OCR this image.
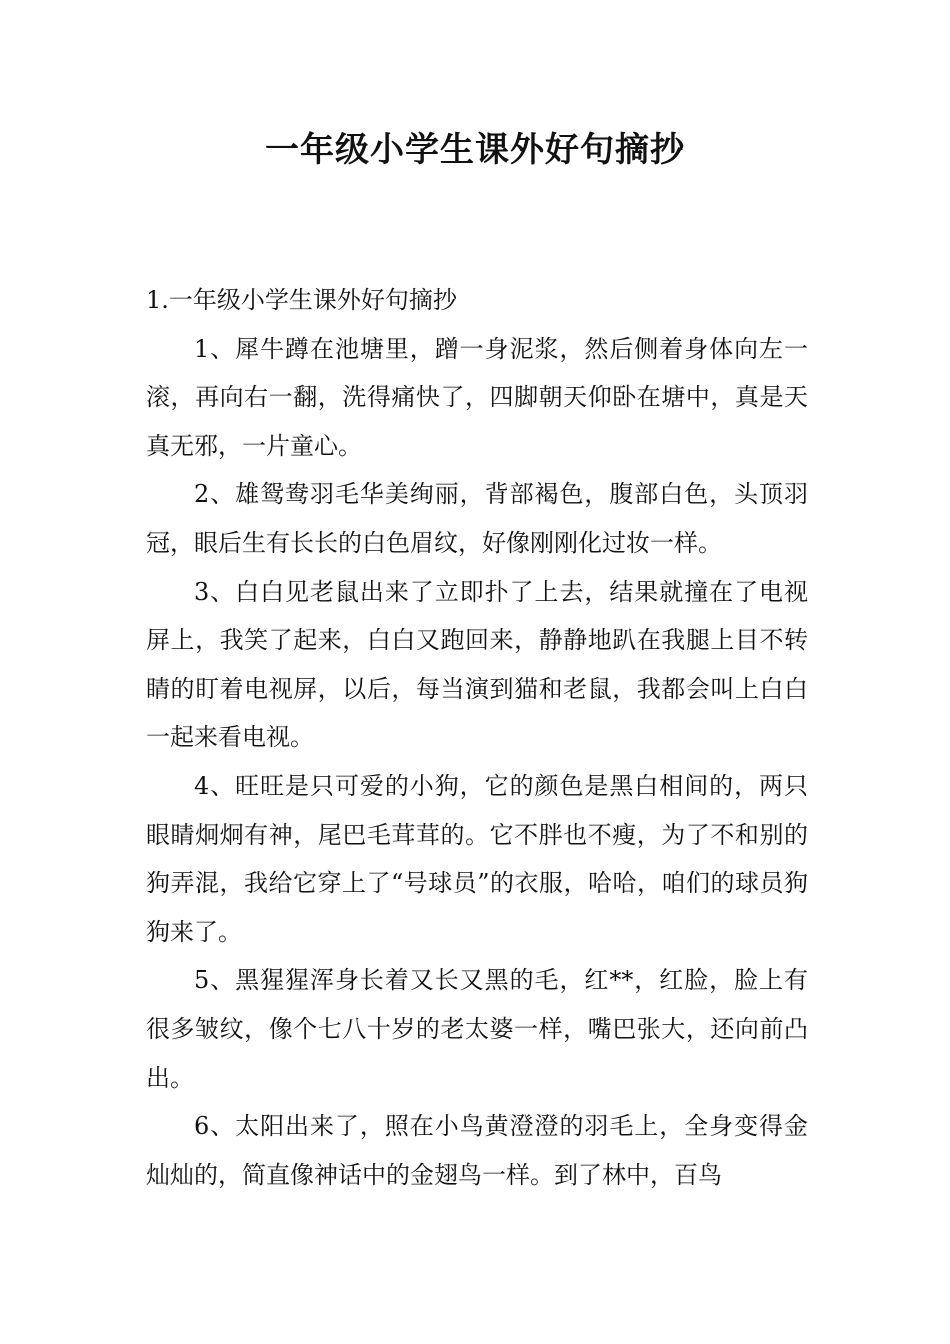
一年级小学生课外好句摘抄

1.一年级小学生课外好句摘抄

1、犀牛蹲在池塘里，蹭一身泥浆，然后侧着身体向左一滚，再向右一翻，洗得痛快了，四脚朝天仰卧在塘中，真是天真无邪，一片童心。

2、雄鸳鸯羽毛华美绚丽，背部褐色，腹部白色，头顶羽冠，眼后生有长长的白色眉纹，好像刚刚化过妆一样。

3、白白见老鼠出来了立即扑了上去，结果就撞在了电视屏上，我笑了起来，白白又跑回来，静静地趴在我腿上目不转睛的盯着电视屏，以后，每当演到猫和老鼠，我都会叫上白白一起来看电视。

4、旺旺是只可爱的小狗，它的颜色是黑白相间的，两只眼睛炯炯有神，尾巴毛茸茸的。它不胖也不瘦，为了不和别的狗弄混，我给它穿上了“号球员”的衣服，哈哈，咱们的球员狗狗来了。

5、黑猩猩浑身长着又长又黑的毛，红**，红脸，脸上有很多皱纹，像个七八十岁的老太婆一样，嘴巴张大，还向前凸出。

6、太阳出来了，照在小鸟黄澄澄的羽毛上，全身变得金灿灿的，简直像神话中的金翅鸟一样。到了林中，百鸟
